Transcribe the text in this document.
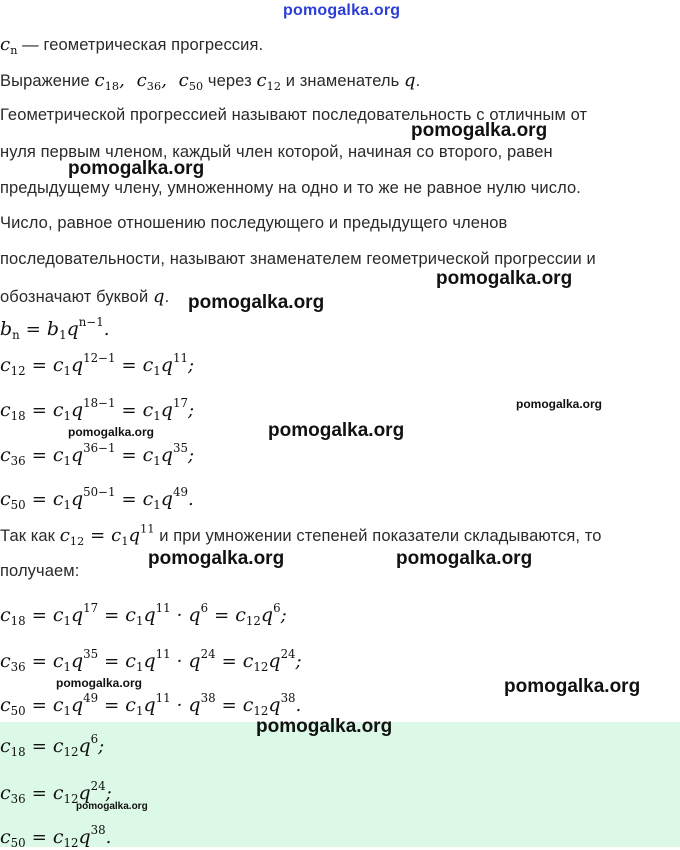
pomogalka.org
$c_n$ — геометрическая прогрессия.
Выражение $c_{18}$,  $c_{36}$,  $c_{50}$ через $c_{12}$ и знаменатель q.
Геометрической прогрессией называют последовательность с отличным от
нуля первым членом, каждый член которой, начиная со второго, равен
предыдущему члену, умноженному на одно и то же не равное нулю число.
Число, равное отношению последующего и предыдущего членов
последовательности, называют знаменателем геометрической прогрессии и
обозначают буквой q.
$b_n = b_1q^{n-1}$.
$c_{12} = c_1q^{12-1} = c_1q^{11}$;
$c_{18} = c_1q^{18-1} = c_1q^{17}$;
$c_{36} = c_1q^{36-1} = c_1q^{35}$;
$c_{50} = c_1q^{50-1} = c_1q^{49}$.
Так как $c_{12} = c_1q^{11}$ и при умножении степеней показатели складываются, то
получаем:
$c_{18} = c_1q^{17} = c_1q^{11} \cdot q^6 = c_{12}q^6$;
$c_{36} = c_1q^{35} = c_1q^{11} \cdot q^{24} = c_{12}q^{24}$;
$c_{50} = c_1q^{49} = c_1q^{11} \cdot q^{38} = c_{12}q^{38}$.
$c_{18} = c_{12}q^6$;
$c_{36} = c_{12}q^{24}$;
$c_{50} = c_{12}q^{38}$.
pomogalka.org
pomogalka.org
pomogalka.org
pomogalka.org
pomogalka.org
pomogalka.org	pomogalka.org
pomogalka.org	pomogalka.org
pomogalka.org	pomogalka.org
pomogalka.org
pomogalka.org
